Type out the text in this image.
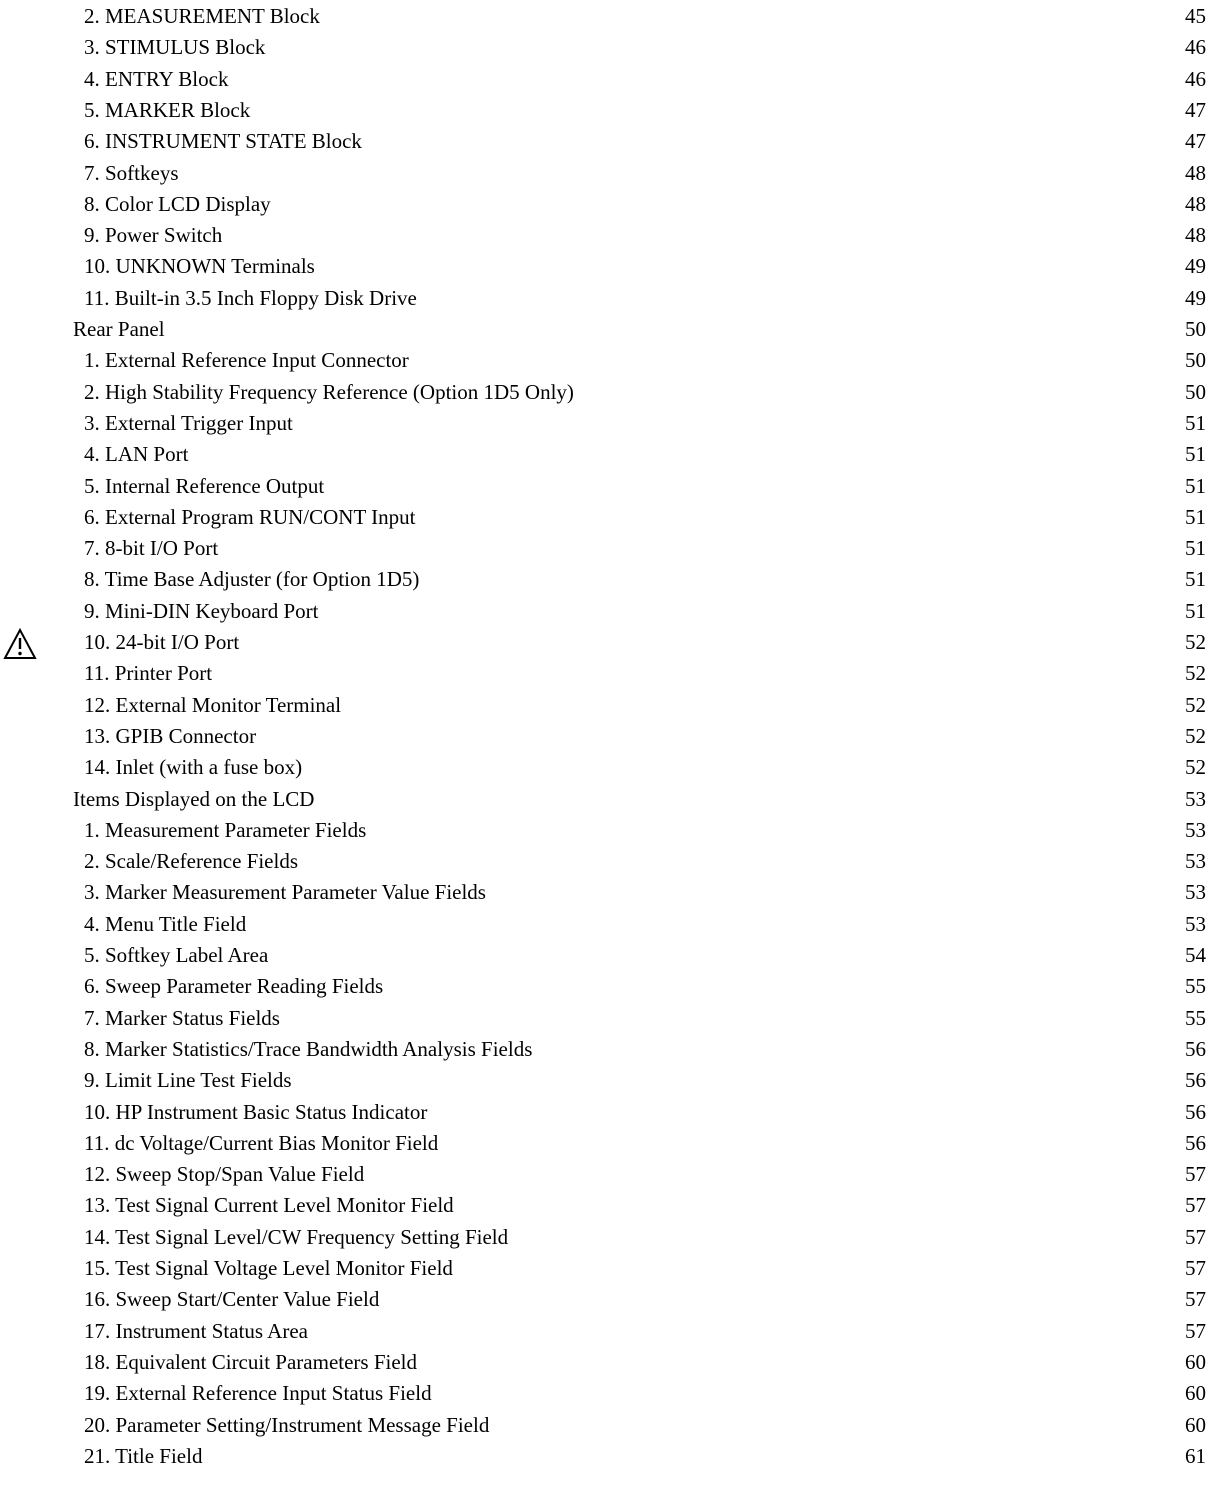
2. MEASUREMENT Block	45
3. STIMULUS Block	46
4. ENTRY Block	46
5. MARKER Block	47
6. INSTRUMENT STATE Block	47
7. Softkeys	48
8. Color LCD Display	48
9. Power Switch	48
10. UNKNOWN Terminals	49
11. Built-in 3.5 Inch Floppy Disk Drive	49
Rear Panel	50
1. External Reference Input Connector	50
2. High Stability Frequency Reference (Option 1D5 Only)	50
3. External Trigger Input	51
4. LAN Port	51
5. Internal Reference Output	51
6. External Program RUN/CONT Input	51
7. 8-bit I/O Port	51
8. Time Base Adjuster (for Option 1D5)	51
9. Mini-DIN Keyboard Port	51
10. 24-bit I/O Port	52
11. Printer Port	52
12. External Monitor Terminal	52
13. GPIB Connector	52
14. Inlet (with a fuse box)	52
Items Displayed on the LCD	53
1. Measurement Parameter Fields	53
2. Scale/Reference Fields	53
3. Marker Measurement Parameter Value Fields	53
4. Menu Title Field	53
5. Softkey Label Area	54
6. Sweep Parameter Reading Fields	55
7. Marker Status Fields	55
8. Marker Statistics/Trace Bandwidth Analysis Fields	56
9. Limit Line Test Fields	56
10. HP Instrument Basic Status Indicator	56
11. dc Voltage/Current Bias Monitor Field	56
12. Sweep Stop/Span Value Field	57
13. Test Signal Current Level Monitor Field	57
14. Test Signal Level/CW Frequency Setting Field	57
15. Test Signal Voltage Level Monitor Field	57
16. Sweep Start/Center Value Field	57
17. Instrument Status Area	57
18. Equivalent Circuit Parameters Field	60
19. External Reference Input Status Field	60
20. Parameter Setting/Instrument Message Field	60
21. Title Field	61
